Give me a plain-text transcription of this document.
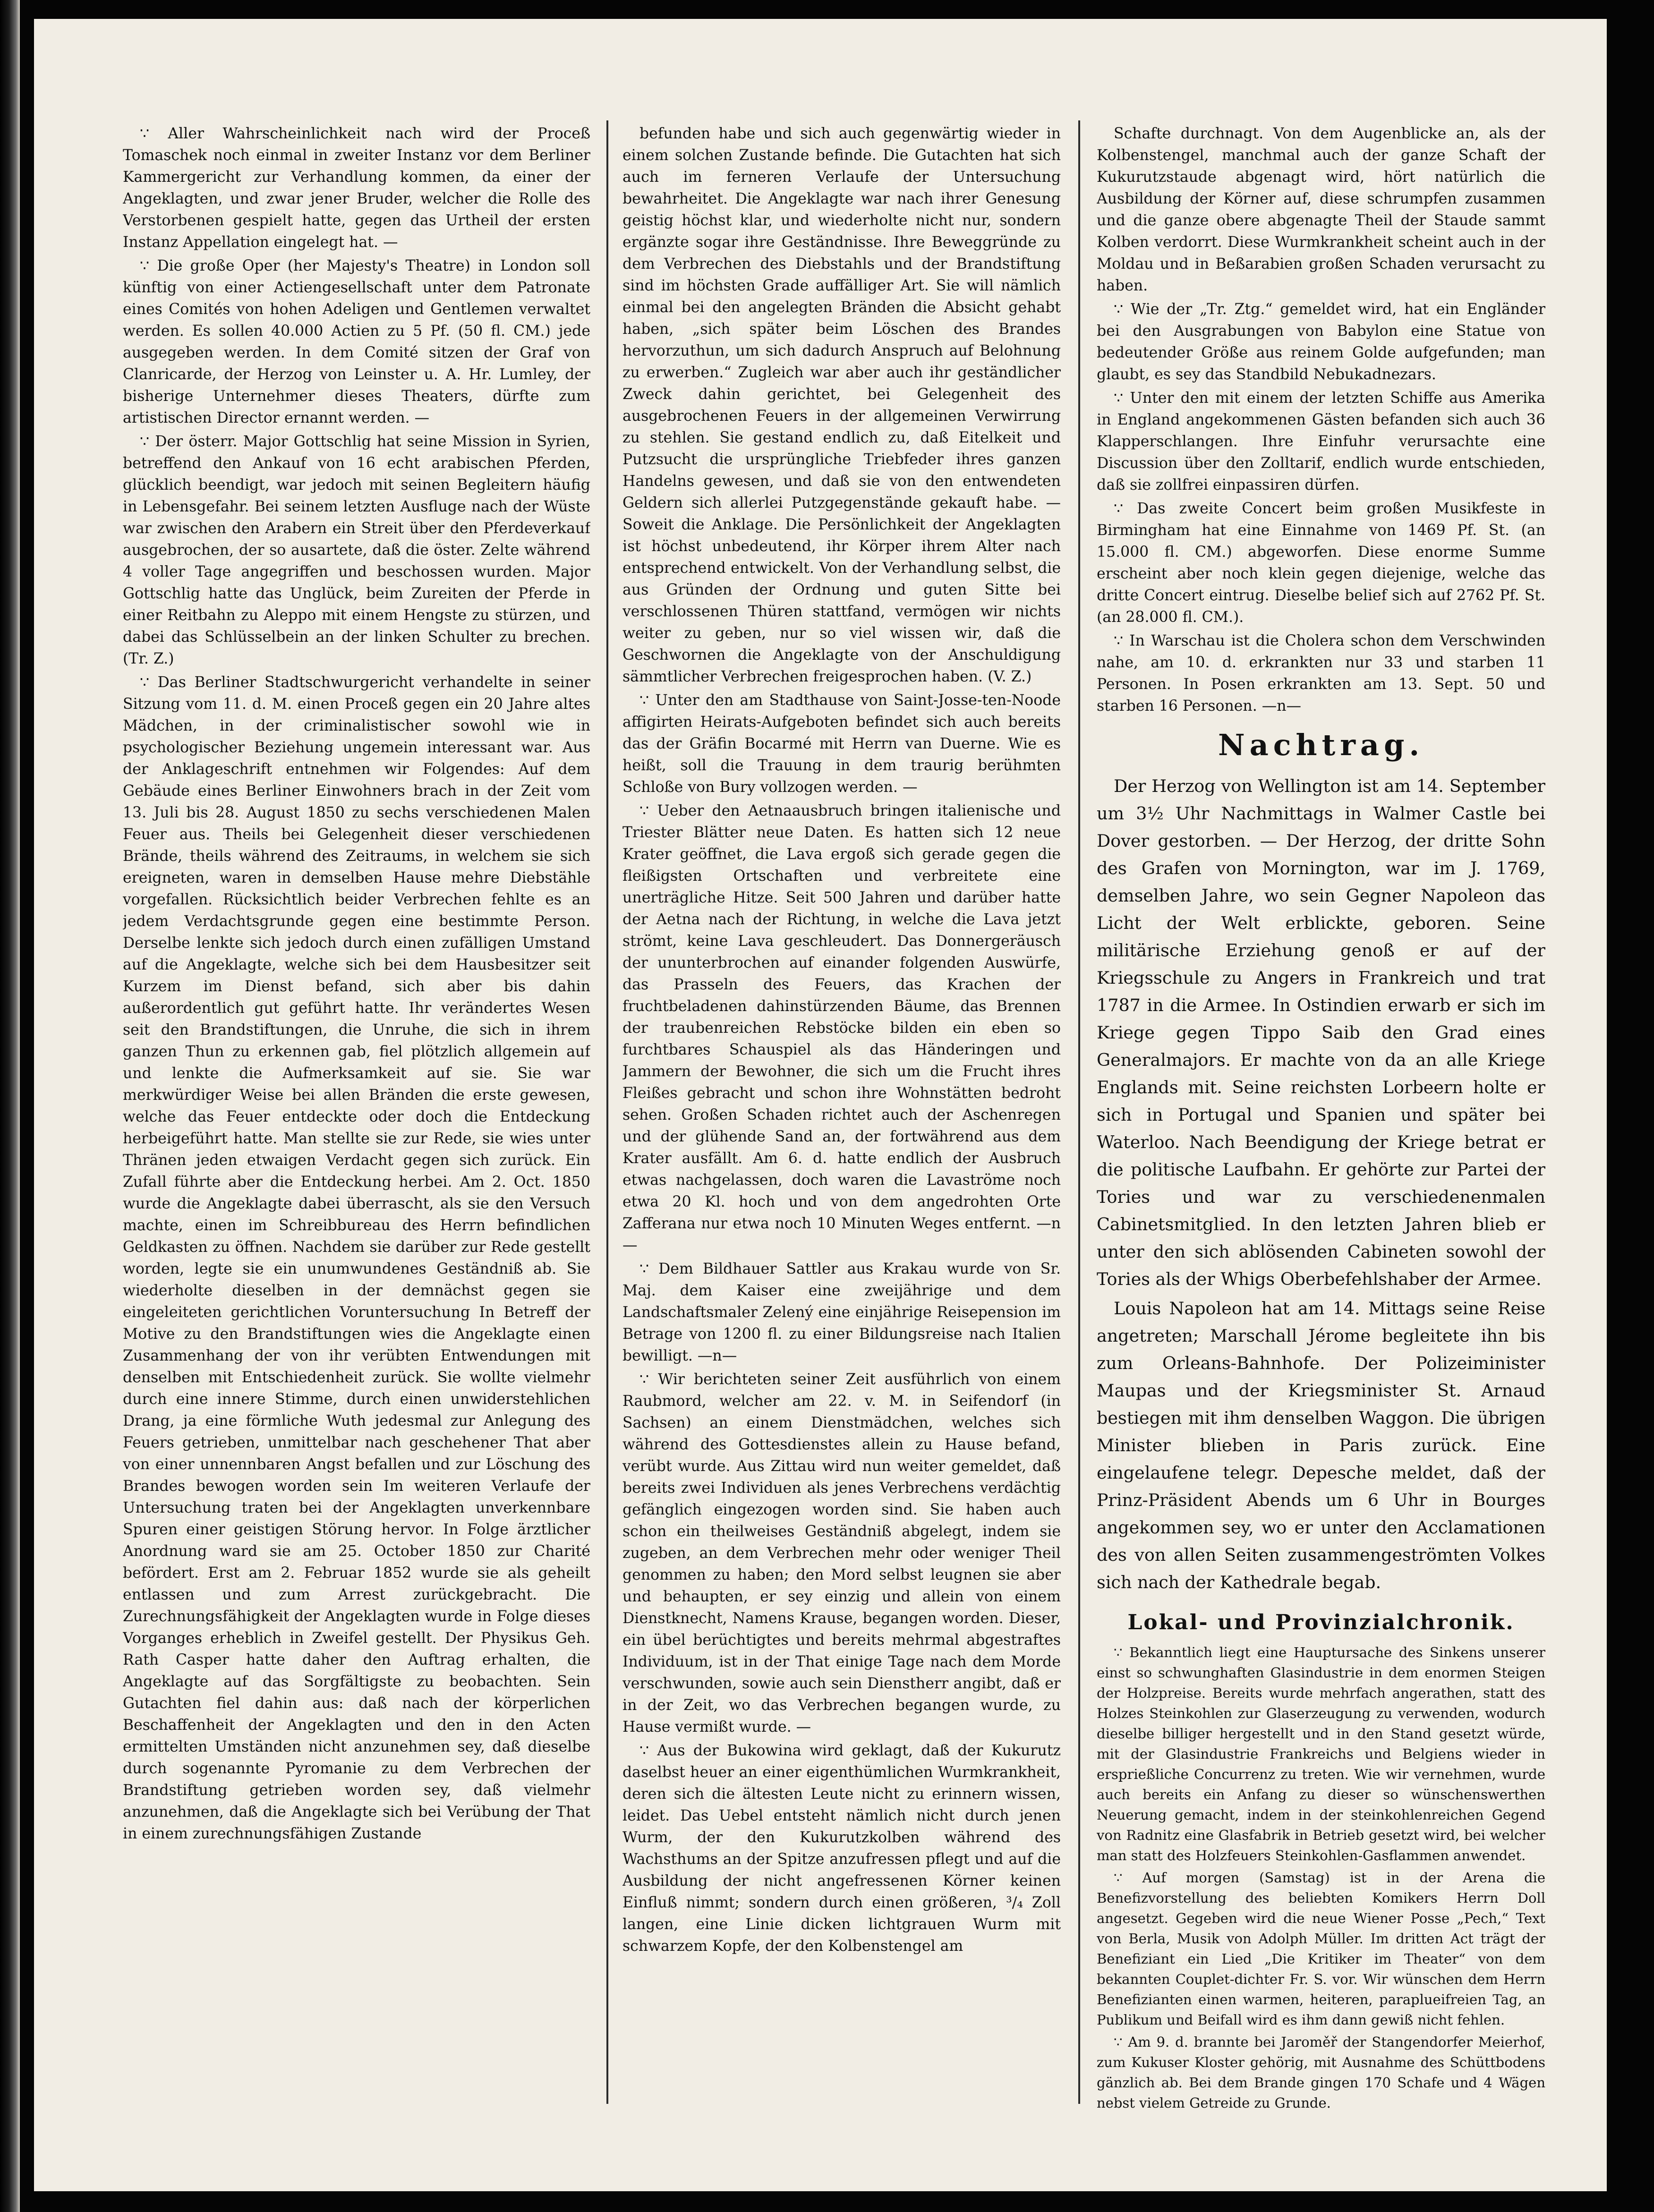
∵ Aller Wahrscheinlichkeit nach wird der Proceß Tomaschek noch einmal in zweiter Instanz vor dem Berliner Kammergericht zur Verhandlung kommen, da einer der Angeklagten, und zwar jener Bruder, welcher die Rolle des Verstorbenen gespielt hatte, gegen das Urtheil der ersten Instanz Appellation eingelegt hat. —

∵ Die große Oper (her Majesty's Theatre) in London soll künftig von einer Actiengesellschaft unter dem Patronate eines Comités von hohen Adeligen und Gentlemen verwaltet werden. Es sollen 40.000 Actien zu 5 Pf. (50 fl. CM.) jede ausgegeben werden. In dem Comité sitzen der Graf von Clanricarde, der Herzog von Leinster u. A. Hr. Lumley, der bisherige Unternehmer dieses Theaters, dürfte zum artistischen Director ernannt werden. —

∵ Der österr. Major Gottschlig hat seine Mission in Syrien, betreffend den Ankauf von 16 echt arabischen Pferden, glücklich beendigt, war jedoch mit seinen Begleitern häufig in Lebensgefahr. Bei seinem letzten Ausfluge nach der Wüste war zwischen den Arabern ein Streit über den Pferdeverkauf ausgebrochen, der so ausartete, daß die öster. Zelte während 4 voller Tage angegriffen und beschossen wurden. Major Gottschlig hatte das Unglück, beim Zureiten der Pferde in einer Reitbahn zu Aleppo mit einem Hengste zu stürzen, und dabei das Schlüsselbein an der linken Schulter zu brechen. (Tr. Z.)

∵ Das Berliner Stadtschwurgericht verhandelte in seiner Sitzung vom 11. d. M. einen Proceß gegen ein 20 Jahre altes Mädchen, in der criminalistischer sowohl wie in psychologischer Beziehung ungemein interessant war. Aus der Anklageschrift entnehmen wir Folgendes: Auf dem Gebäude eines Berliner Einwohners brach in der Zeit vom 13. Juli bis 28. August 1850 zu sechs verschiedenen Malen Feuer aus. Theils bei Gelegenheit dieser verschiedenen Brände, theils während des Zeitraums, in welchem sie sich ereigneten, waren in demselben Hause mehre Diebstähle vorgefallen. Rücksichtlich beider Verbrechen fehlte es an jedem Verdachtsgrunde gegen eine bestimmte Person. Derselbe lenkte sich jedoch durch einen zufälligen Umstand auf die Angeklagte, welche sich bei dem Hausbesitzer seit Kurzem im Dienst befand, sich aber bis dahin außerordentlich gut geführt hatte. Ihr verändertes Wesen seit den Brandstiftungen, die Unruhe, die sich in ihrem ganzen Thun zu erkennen gab, fiel plötzlich allgemein auf und lenkte die Aufmerksamkeit auf sie. Sie war merkwürdiger Weise bei allen Bränden die erste gewesen, welche das Feuer entdeckte oder doch die Entdeckung herbeigeführt hatte. Man stellte sie zur Rede, sie wies unter Thränen jeden etwaigen Verdacht gegen sich zurück. Ein Zufall führte aber die Entdeckung herbei. Am 2. Oct. 1850 wurde die Angeklagte dabei überrascht, als sie den Versuch machte, einen im Schreibbureau des Herrn befindlichen Geldkasten zu öffnen. Nachdem sie darüber zur Rede gestellt worden, legte sie ein unumwundenes Geständniß ab. Sie wiederholte dieselben in der demnächst gegen sie eingeleiteten gerichtlichen Voruntersuchung In Betreff der Motive zu den Brandstiftungen wies die Angeklagte einen Zusammenhang der von ihr verübten Entwendungen mit denselben mit Entschiedenheit zurück. Sie wollte vielmehr durch eine innere Stimme, durch einen unwiderstehlichen Drang, ja eine förmliche Wuth jedesmal zur Anlegung des Feuers getrieben, unmittelbar nach geschehener That aber von einer unnennbaren Angst befallen und zur Löschung des Brandes bewogen worden sein Im weiteren Verlaufe der Untersuchung traten bei der Angeklagten unverkennbare Spuren einer geistigen Störung hervor. In Folge ärztlicher Anordnung ward sie am 25. October 1850 zur Charité befördert. Erst am 2. Februar 1852 wurde sie als geheilt entlassen und zum Arrest zurückgebracht. Die Zurechnungsfähigkeit der Angeklagten wurde in Folge dieses Vorganges erheblich in Zweifel gestellt. Der Physikus Geh. Rath Casper hatte daher den Auftrag erhalten, die Angeklagte auf das Sorgfältigste zu beobachten. Sein Gutachten fiel dahin aus: daß nach der körperlichen Beschaffenheit der Angeklagten und den in den Acten ermittelten Umständen nicht anzunehmen sey, daß dieselbe durch sogenannte Pyromanie zu dem Verbrechen der Brandstiftung getrieben worden sey, daß vielmehr anzunehmen, daß die Angeklagte sich bei Verübung der That in einem zurechnungsfähigen Zustande

befunden habe und sich auch gegenwärtig wieder in einem solchen Zustande befinde. Die Gutachten hat sich auch im ferneren Verlaufe der Untersuchung bewahrheitet. Die Angeklagte war nach ihrer Genesung geistig höchst klar, und wiederholte nicht nur, sondern ergänzte sogar ihre Geständnisse. Ihre Beweggründe zu dem Verbrechen des Diebstahls und der Brandstiftung sind im höchsten Grade auffälliger Art. Sie will nämlich einmal bei den angelegten Bränden die Absicht gehabt haben, „sich später beim Löschen des Brandes hervorzuthun, um sich dadurch Anspruch auf Belohnung zu erwerben.“ Zugleich war aber auch ihr geständlicher Zweck dahin gerichtet, bei Gelegenheit des ausgebrochenen Feuers in der allgemeinen Verwirrung zu stehlen. Sie gestand endlich zu, daß Eitelkeit und Putzsucht die ursprüngliche Triebfeder ihres ganzen Handelns gewesen, und daß sie von den entwendeten Geldern sich allerlei Putzgegenstände gekauft habe. — Soweit die Anklage. Die Persönlichkeit der Angeklagten ist höchst unbedeutend, ihr Körper ihrem Alter nach entsprechend entwickelt. Von der Verhandlung selbst, die aus Gründen der Ordnung und guten Sitte bei verschlossenen Thüren stattfand, vermögen wir nichts weiter zu geben, nur so viel wissen wir, daß die Geschwornen die Angeklagte von der Anschuldigung sämmtlicher Verbrechen freigesprochen haben. (V. Z.)

∵ Unter den am Stadthause von Saint-Josse-ten-Noode affigirten Heirats-Aufgeboten befindet sich auch bereits das der Gräfin Bocarmé mit Herrn van Duerne. Wie es heißt, soll die Trauung in dem traurig berühmten Schloße von Bury vollzogen werden. —

∵ Ueber den Aetnaausbruch bringen italienische und Triester Blätter neue Daten. Es hatten sich 12 neue Krater geöffnet, die Lava ergoß sich gerade gegen die fleißigsten Ortschaften und verbreitete eine unerträgliche Hitze. Seit 500 Jahren und darüber hatte der Aetna nach der Richtung, in welche die Lava jetzt strömt, keine Lava geschleudert. Das Donnergeräusch der ununterbrochen auf einander folgenden Auswürfe, das Prasseln des Feuers, das Krachen der fruchtbeladenen dahinstürzenden Bäume, das Brennen der traubenreichen Rebstöcke bilden ein eben so furchtbares Schauspiel als das Händeringen und Jammern der Bewohner, die sich um die Frucht ihres Fleißes gebracht und schon ihre Wohnstätten bedroht sehen. Großen Schaden richtet auch der Aschenregen und der glühende Sand an, der fortwährend aus dem Krater ausfällt. Am 6. d. hatte endlich der Ausbruch etwas nachgelassen, doch waren die Lavaströme noch etwa 20 Kl. hoch und von dem angedrohten Orte Zafferana nur etwa noch 10 Minuten Weges entfernt. —n—

∵ Dem Bildhauer Sattler aus Krakau wurde von Sr. Maj. dem Kaiser eine zweijährige und dem Landschaftsmaler Zelený eine einjährige Reisepension im Betrage von 1200 fl. zu einer Bildungsreise nach Italien bewilligt. —n—

∵ Wir berichteten seiner Zeit ausführlich von einem Raubmord, welcher am 22. v. M. in Seifendorf (in Sachsen) an einem Dienstmädchen, welches sich während des Gottesdienstes allein zu Hause befand, verübt wurde. Aus Zittau wird nun weiter gemeldet, daß bereits zwei Individuen als jenes Verbrechens verdächtig gefänglich eingezogen worden sind. Sie haben auch schon ein theilweises Geständniß abgelegt, indem sie zugeben, an dem Verbrechen mehr oder weniger Theil genommen zu haben; den Mord selbst leugnen sie aber und behaupten, er sey einzig und allein von einem Dienstknecht, Namens Krause, begangen worden. Dieser, ein übel berüchtigtes und bereits mehrmal abgestraftes Individuum, ist in der That einige Tage nach dem Morde verschwunden, sowie auch sein Dienstherr angibt, daß er in der Zeit, wo das Verbrechen begangen wurde, zu Hause vermißt wurde. —

∵ Aus der Bukowina wird geklagt, daß der Kukurutz daselbst heuer an einer eigenthümlichen Wurmkrankheit, deren sich die ältesten Leute nicht zu erinnern wissen, leidet. Das Uebel entsteht nämlich nicht durch jenen Wurm, der den Kukurutzkolben während des Wachsthums an der Spitze anzufressen pflegt und auf die Ausbildung der nicht angefressenen Körner keinen Einfluß nimmt; sondern durch einen größeren, ³/₄ Zoll langen, eine Linie dicken lichtgrauen Wurm mit schwarzem Kopfe, der den Kolbenstengel am

Schafte durchnagt. Von dem Augenblicke an, als der Kolbenstengel, manchmal auch der ganze Schaft der Kukurutzstaude abgenagt wird, hört natürlich die Ausbildung der Körner auf, diese schrumpfen zusammen und die ganze obere abgenagte Theil der Staude sammt Kolben verdorrt. Diese Wurmkrankheit scheint auch in der Moldau und in Beßarabien großen Schaden verursacht zu haben.

∵ Wie der „Tr. Ztg.“ gemeldet wird, hat ein Engländer bei den Ausgrabungen von Babylon eine Statue von bedeutender Größe aus reinem Golde aufgefunden; man glaubt, es sey das Standbild Nebukadnezars.

∵ Unter den mit einem der letzten Schiffe aus Amerika in England angekommenen Gästen befanden sich auch 36 Klapperschlangen. Ihre Einfuhr verursachte eine Discussion über den Zolltarif, endlich wurde entschieden, daß sie zollfrei einpassiren dürfen.

∵ Das zweite Concert beim großen Musikfeste in Birmingham hat eine Einnahme von 1469 Pf. St. (an 15.000 fl. CM.) abgeworfen. Diese enorme Summe erscheint aber noch klein gegen diejenige, welche das dritte Concert eintrug. Dieselbe belief sich auf 2762 Pf. St. (an 28.000 fl. CM.).

∵ In Warschau ist die Cholera schon dem Verschwinden nahe, am 10. d. erkrankten nur 33 und starben 11 Personen. In Posen erkrankten am 13. Sept. 50 und starben 16 Personen. —n—

Nachtrag.

Der Herzog von Wellington ist am 14. September um 3½ Uhr Nachmittags in Walmer Castle bei Dover gestorben. — Der Herzog, der dritte Sohn des Grafen von Mornington, war im J. 1769, demselben Jahre, wo sein Gegner Napoleon das Licht der Welt erblickte, geboren. Seine militärische Erziehung genoß er auf der Kriegsschule zu Angers in Frankreich und trat 1787 in die Armee. In Ostindien erwarb er sich im Kriege gegen Tippo Saib den Grad eines Generalmajors. Er machte von da an alle Kriege Englands mit. Seine reichsten Lorbeern holte er sich in Portugal und Spanien und später bei Waterloo. Nach Beendigung der Kriege betrat er die politische Laufbahn. Er gehörte zur Partei der Tories und war zu verschiedenenmalen Cabinetsmitglied. In den letzten Jahren blieb er unter den sich ablösenden Cabineten sowohl der Tories als der Whigs Oberbefehlshaber der Armee.

Louis Napoleon hat am 14. Mittags seine Reise angetreten; Marschall Jérome begleitete ihn bis zum Orleans-Bahnhofe. Der Polizeiminister Maupas und der Kriegsminister St. Arnaud bestiegen mit ihm denselben Waggon. Die übrigen Minister blieben in Paris zurück. Eine eingelaufene telegr. Depesche meldet, daß der Prinz-Präsident Abends um 6 Uhr in Bourges angekommen sey, wo er unter den Acclamationen des von allen Seiten zusammengeströmten Volkes sich nach der Kathedrale begab.

Lokal- und Provinzialchronik.

∵ Bekanntlich liegt eine Hauptursache des Sinkens unserer einst so schwunghaften Glasindustrie in dem enormen Steigen der Holzpreise. Bereits wurde mehrfach angerathen, statt des Holzes Steinkohlen zur Glaserzeugung zu verwenden, wodurch dieselbe billiger hergestellt und in den Stand gesetzt würde, mit der Glasindustrie Frankreichs und Belgiens wieder in ersprießliche Concurrenz zu treten. Wie wir vernehmen, wurde auch bereits ein Anfang zu dieser so wünschenswerthen Neuerung gemacht, indem in der steinkohlenreichen Gegend von Radnitz eine Glasfabrik in Betrieb gesetzt wird, bei welcher man statt des Holzfeuers Steinkohlen-Gasflammen anwendet.

∵ Auf morgen (Samstag) ist in der Arena die Benefizvorstellung des beliebten Komikers Herrn Doll angesetzt. Gegeben wird die neue Wiener Posse „Pech,“ Text von Berla, Musik von Adolph Müller. Im dritten Act trägt der Benefiziant ein Lied „Die Kritiker im Theater“ von dem bekannten Couplet-dichter Fr. S. vor. Wir wünschen dem Herrn Benefizianten einen warmen, heiteren, paraplueifreien Tag, an Publikum und Beifall wird es ihm dann gewiß nicht fehlen.

∵ Am 9. d. brannte bei Jaroměř der Stangendorfer Meierhof, zum Kukuser Kloster gehörig, mit Ausnahme des Schüttbodens gänzlich ab. Bei dem Brande gingen 170 Schafe und 4 Wägen nebst vielem Getreide zu Grunde.
